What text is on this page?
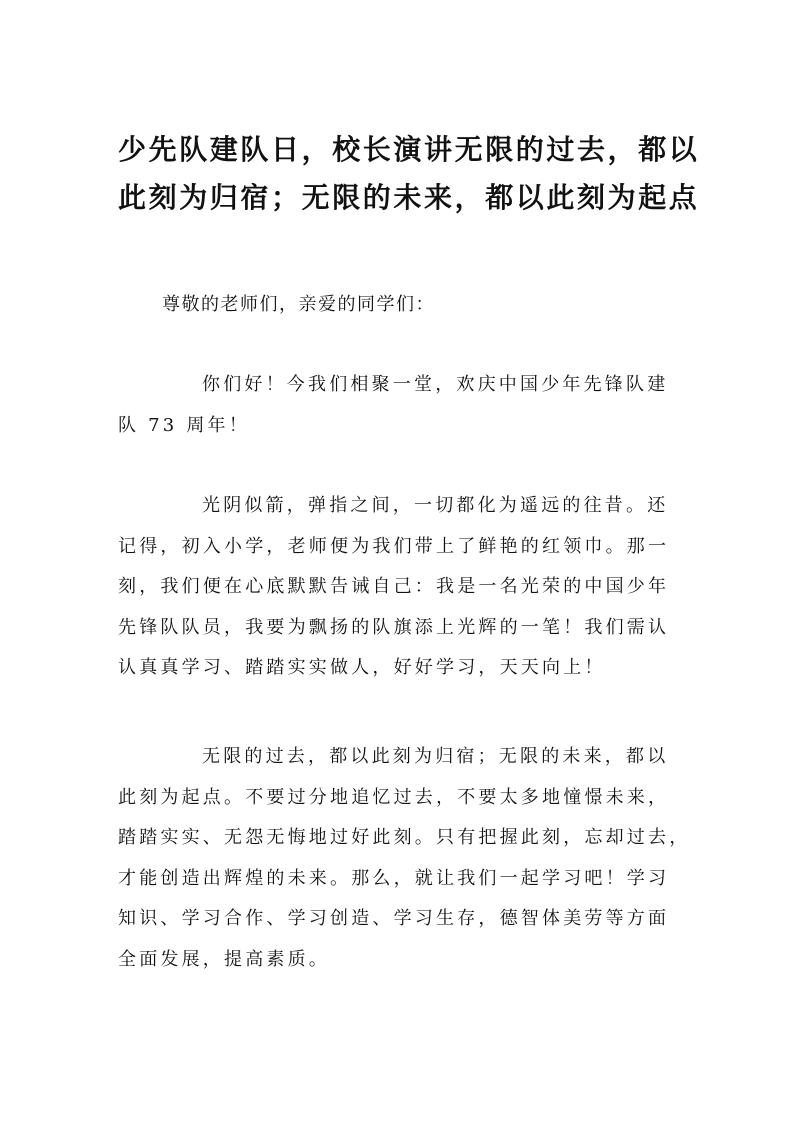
少先队建队日，校长演讲无限的过去，都以
此刻为归宿；无限的未来，都以此刻为起点

尊敬的老师们，亲爱的同学们：

你们好！今我们相聚一堂，欢庆中国少年先锋队建
队 73 周年！
光阴似箭，弹指之间，一切都化为遥远的往昔。还
记得，初入小学，老师便为我们带上了鲜艳的红领巾。那一
刻，我们便在心底默默告诫自己：我是一名光荣的中国少年
先锋队队员，我要为飘扬的队旗添上光辉的一笔！我们需认
认真真学习、踏踏实实做人，好好学习，天天向上！
无限的过去，都以此刻为归宿；无限的未来，都以
此刻为起点。不要过分地追忆过去，不要太多地憧憬未来，
踏踏实实、无怨无悔地过好此刻。只有把握此刻，忘却过去，
才能创造出辉煌的未来。那么，就让我们一起学习吧！学习
知识、学习合作、学习创造、学习生存，德智体美劳等方面
全面发展，提高素质。
